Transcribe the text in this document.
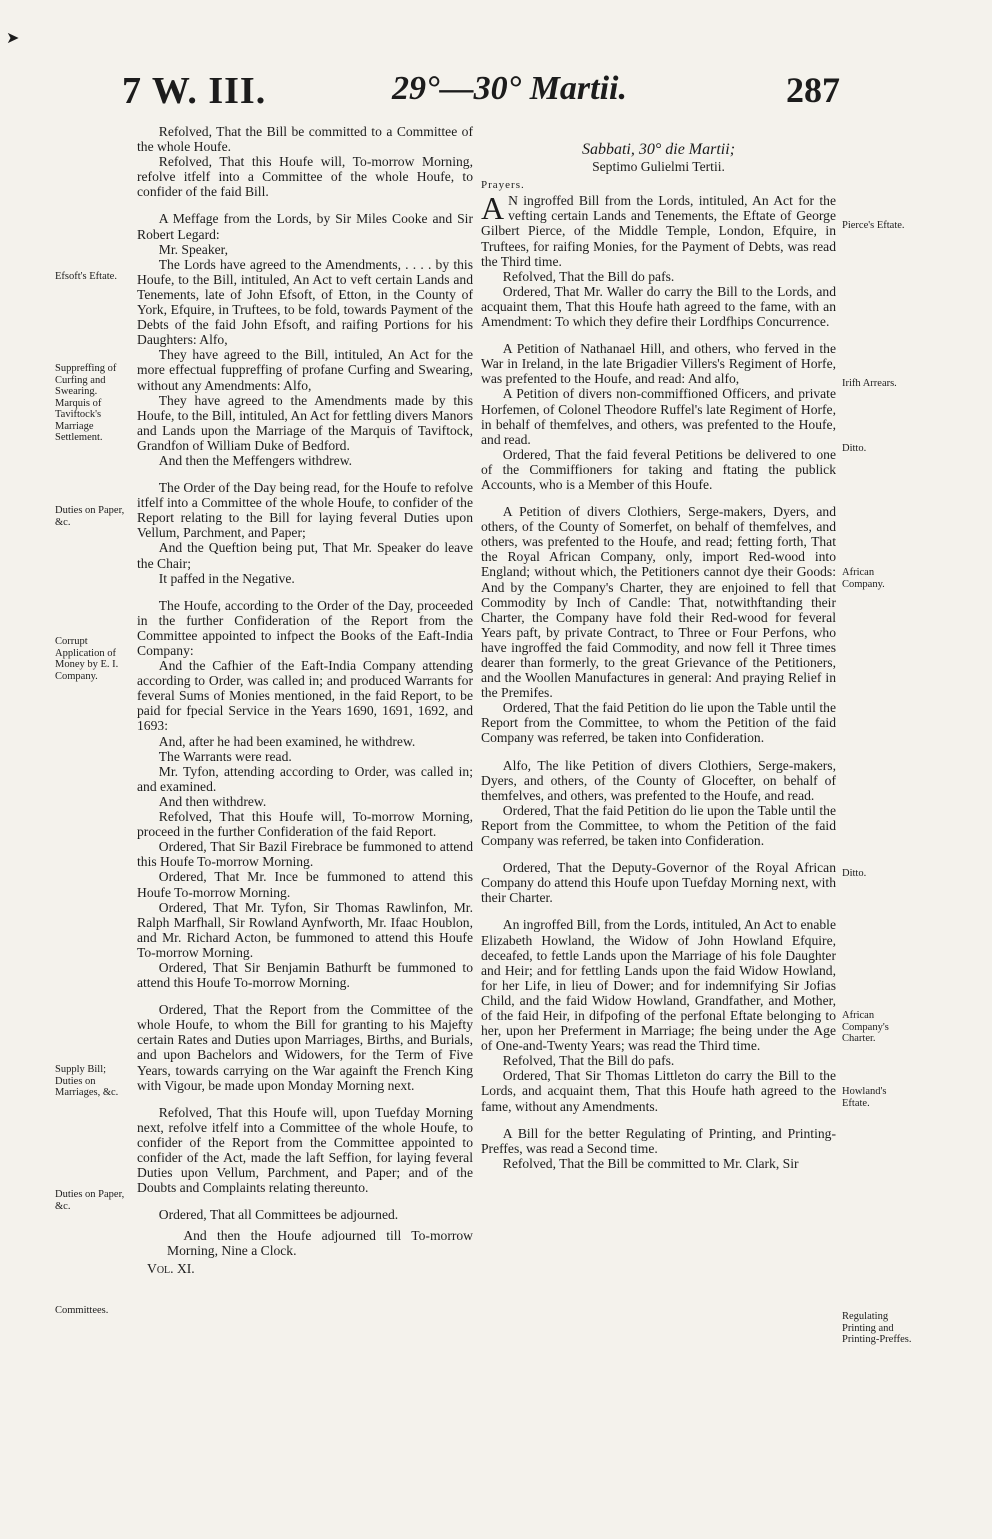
➤
7 W. III.	29°—30° Martii.	287
Efsoft's Eftate.
Suppreffing of Curfing and Swearing. Marquis of Taviftock's Marriage Settlement.
Duties on Paper, &c.
Corrupt Application of Money by E. I. Company.
Supply Bill; Duties on Marriages, &c.
Duties on Paper, &c.
Committees.
Pierce's Eftate.
Irifh Arrears.
Ditto.
African Company.
Ditto.
African Company's Charter.
Howland's Eftate.
Regulating Printing and Printing-Preffes.

Refolved, That the Bill be committed to a Committee of the whole Houfe.

Refolved, That this Houfe will, To-morrow Morning, refolve itfelf into a Committee of the whole Houfe, to confider of the faid Bill.

A Meffage from the Lords, by Sir Miles Cooke and Sir Robert Legard:

Mr. Speaker,

The Lords have agreed to the Amendments, . . . . by this Houfe, to the Bill, intituled, An Act to veft certain Lands and Tenements, late of John Efsoft, of Etton, in the County of York, Efquire, in Truftees, to be fold, towards Payment of the Debts of the faid John Efsoft, and raifing Portions for his Daughters: Alfo,

They have agreed to the Bill, intituled, An Act for the more effectual fuppreffing of profane Curfing and Swearing, without any Amendments: Alfo,

They have agreed to the Amendments made by this Houfe, to the Bill, intituled, An Act for fettling divers Manors and Lands upon the Marriage of the Marquis of Taviftock, Grandfon of William Duke of Bedford.

And then the Meffengers withdrew.

The Order of the Day being read, for the Houfe to refolve itfelf into a Committee of the whole Houfe, to confider of the Report relating to the Bill for laying feveral Duties upon Vellum, Parchment, and Paper;

And the Queftion being put, That Mr. Speaker do leave the Chair;

It paffed in the Negative.

The Houfe, according to the Order of the Day, proceeded in the further Confideration of the Report from the Committee appointed to infpect the Books of the Eaft-India Company:

And the Cafhier of the Eaft-India Company attending according to Order, was called in; and produced Warrants for feveral Sums of Monies mentioned, in the faid Report, to be paid for fpecial Service in the Years 1690, 1691, 1692, and 1693:

And, after he had been examined, he withdrew.

The Warrants were read.

Mr. Tyfon, attending according to Order, was called in; and examined.

And then withdrew.

Refolved, That this Houfe will, To-morrow Morning, proceed in the further Confideration of the faid Report.

Ordered, That Sir Bazil Firebrace be fummoned to attend this Houfe To-morrow Morning.

Ordered, That Mr. Ince be fummoned to attend this Houfe To-morrow Morning.

Ordered, That Mr. Tyfon, Sir Thomas Rawlinfon, Mr. Ralph Marfhall, Sir Rowland Aynfworth, Mr. Ifaac Houblon, and Mr. Richard Acton, be fummoned to attend this Houfe To-morrow Morning.

Ordered, That Sir Benjamin Bathurft be fummoned to attend this Houfe To-morrow Morning.

Ordered, That the Report from the Committee of the whole Houfe, to whom the Bill for granting to his Majefty certain Rates and Duties upon Marriages, Births, and Burials, and upon Bachelors and Widowers, for the Term of Five Years, towards carrying on the War againft the French King with Vigour, be made upon Monday Morning next.

Refolved, That this Houfe will, upon Tuefday Morning next, refolve itfelf into a Committee of the whole Houfe, to confider of the Report from the Committee appointed to confider of the Act, made the laft Seffion, for laying feveral Duties upon Vellum, Parchment, and Paper; and of the Doubts and Complaints relating thereunto.

Ordered, That all Committees be adjourned.

And then the Houfe adjourned till To-morrow Morning, Nine a Clock.

Vol. XI.

Sabbati, 30° die Martii;

Septimo Gulielmi Tertii.

Prayers.

A N ingroffed Bill from the Lords, intituled, An Act for the vefting certain Lands and Tenements, the Eftate of George Gilbert Pierce, of the Middle Temple, London, Efquire, in Truftees, for raifing Monies, for the Payment of Debts, was read the Third time.

Refolved, That the Bill do pafs.

Ordered, That Mr. Waller do carry the Bill to the Lords, and acquaint them, That this Houfe hath agreed to the fame, with an Amendment: To which they defire their Lordfhips Concurrence.

A Petition of Nathanael Hill, and others, who ferved in the War in Ireland, in the late Brigadier Villers's Regiment of Horfe, was prefented to the Houfe, and read: And alfo,

A Petition of divers non-commiffioned Officers, and private Horfemen, of Colonel Theodore Ruffel's late Regiment of Horfe, in behalf of themfelves, and others, was prefented to the Houfe, and read.

Ordered, That the faid feveral Petitions be delivered to one of the Commiffioners for taking and ftating the publick Accounts, who is a Member of this Houfe.

A Petition of divers Clothiers, Serge-makers, Dyers, and others, of the County of Somerfet, on behalf of themfelves, and others, was prefented to the Houfe, and read; fetting forth, That the Royal African Company, only, import Red-wood into England; without which, the Petitioners cannot dye their Goods: And by the Company's Charter, they are enjoined to fell that Commodity by Inch of Candle: That, notwithftanding their Charter, the Company have fold their Red-wood for feveral Years paft, by private Contract, to Three or Four Perfons, who have ingroffed the faid Commodity, and now fell it Three times dearer than formerly, to the great Grievance of the Petitioners, and the Woollen Manufactures in general: And praying Relief in the Premifes.

Ordered, That the faid Petition do lie upon the Table until the Report from the Committee, to whom the Petition of the faid Company was referred, be taken into Confideration.

Alfo, The like Petition of divers Clothiers, Serge-makers, Dyers, and others, of the County of Glocefter, on behalf of themfelves, and others, was prefented to the Houfe, and read.

Ordered, That the faid Petition do lie upon the Table until the Report from the Committee, to whom the Petition of the faid Company was referred, be taken into Confideration.

Ordered, That the Deputy-Governor of the Royal African Company do attend this Houfe upon Tuefday Morning next, with their Charter.

An ingroffed Bill, from the Lords, intituled, An Act to enable Elizabeth Howland, the Widow of John Howland Efquire, deceafed, to fettle Lands upon the Marriage of his fole Daughter and Heir; and for fettling Lands upon the faid Widow Howland, for her Life, in lieu of Dower; and for indemnifying Sir Jofias Child, and the faid Widow Howland, Grandfather, and Mother, of the faid Heir, in difpofing of the perfonal Eftate belonging to her, upon her Preferment in Marriage; fhe being under the Age of One-and-Twenty Years; was read the Third time.

Refolved, That the Bill do pafs.

Ordered, That Sir Thomas Littleton do carry the Bill to the Lords, and acquaint them, That this Houfe hath agreed to the fame, without any Amendments.

A Bill for the better Regulating of Printing, and Printing-Preffes, was read a Second time.

Refolved, That the Bill be committed to Mr. Clark, Sir
